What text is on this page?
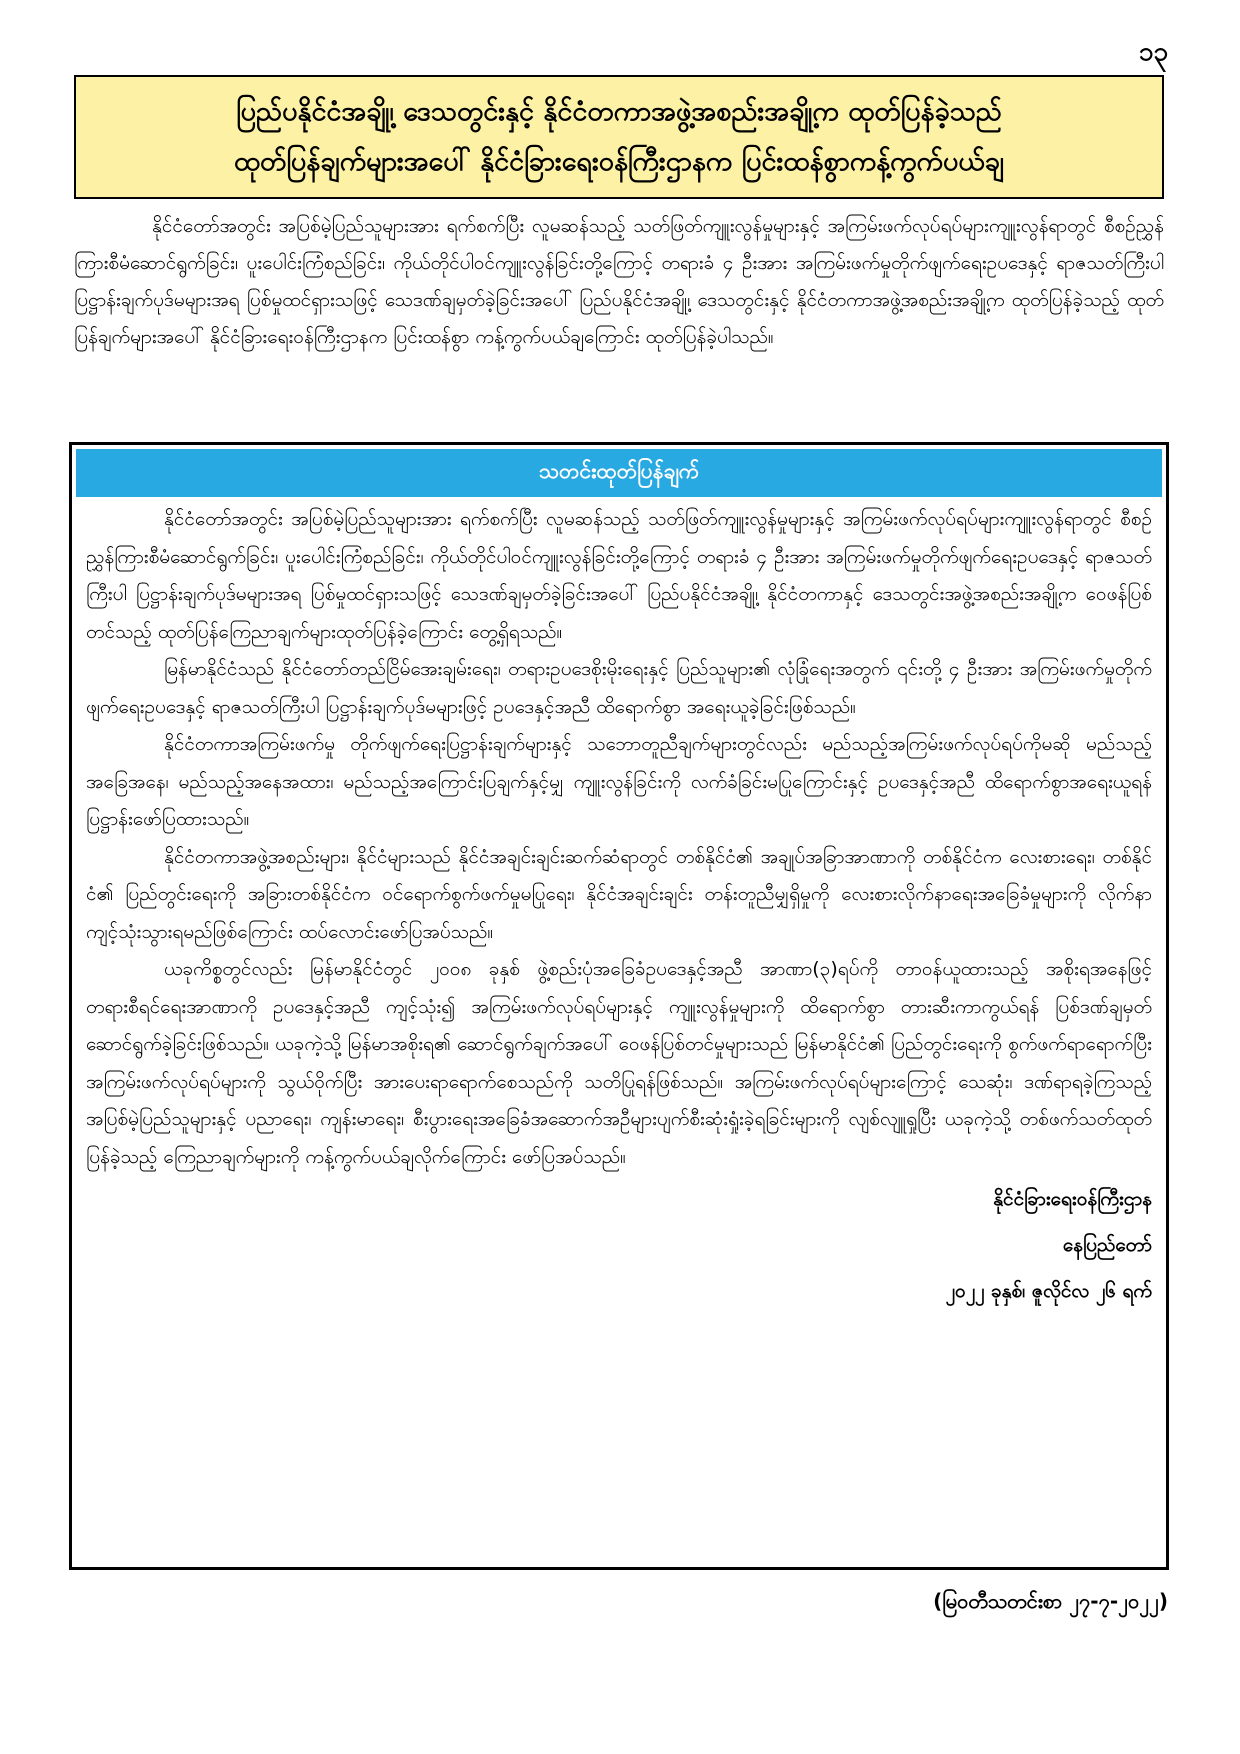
၁၃
ပြည်ပနိုင်ငံအချို့၊ ဒေသတွင်းနှင့် နိုင်ငံတကာအဖွဲ့အစည်းအချို့က ထုတ်ပြန်ခဲ့သည်
ထုတ်ပြန်ချက်များအပေါ် နိုင်ငံခြားရေးဝန်ကြီးဌာနက ပြင်းထန်စွာကန့်ကွက်ပယ်ချ

နိုင်ငံတော်အတွင်း အပြစ်မဲ့ပြည်သူများအား ရက်စက်ပြီး လူမဆန်သည့် သတ်ဖြတ်ကျူးလွန်မှုများနှင့် အကြမ်းဖက်လုပ်ရပ်များကျူးလွန်ရာတွင် စီစဉ်ညွှန်ကြားစီမံဆောင်ရွက်ခြင်း၊ ပူးပေါင်းကြံစည်ခြင်း၊ ကိုယ်တိုင်ပါဝင်ကျူးလွန်ခြင်းတို့ကြောင့် တရားခံ ၄ ဦးအား အကြမ်းဖက်မှုတိုက်ဖျက်ရေးဥပဒေနှင့် ရာဇသတ်ကြီးပါ ပြဋ္ဌာန်းချက်ပုဒ်မများအရ ပြစ်မှုထင်ရှားသဖြင့် သေဒဏ်ချမှတ်ခဲ့ခြင်းအပေါ် ပြည်ပနိုင်ငံအချို့၊ ဒေသတွင်းနှင့် နိုင်ငံတကာအဖွဲ့အစည်းအချို့က ထုတ်ပြန်ခဲ့သည့် ထုတ်ပြန်ချက်များအပေါ် နိုင်ငံခြားရေးဝန်ကြီးဌာနက ပြင်းထန်စွာ ကန့်ကွက်ပယ်ချကြောင်း ထုတ်ပြန်ခဲ့ပါသည်။

သတင်းထုတ်ပြန်ချက်

နိုင်ငံတော်အတွင်း အပြစ်မဲ့ပြည်သူများအား ရက်စက်ပြီး လူမဆန်သည့် သတ်ဖြတ်ကျူးလွန်မှုများနှင့် အကြမ်းဖက်လုပ်ရပ်များကျူးလွန်ရာတွင် စီစဉ်ညွှန်ကြားစီမံဆောင်ရွက်ခြင်း၊ ပူးပေါင်းကြံစည်ခြင်း၊ ကိုယ်တိုင်ပါဝင်ကျူးလွန်ခြင်းတို့ကြောင့် တရားခံ ၄ ဦးအား အကြမ်းဖက်မှုတိုက်ဖျက်ရေးဥပဒေနှင့် ရာဇသတ်ကြီးပါ ပြဋ္ဌာန်းချက်ပုဒ်မများအရ ပြစ်မှုထင်ရှားသဖြင့် သေဒဏ်ချမှတ်ခဲ့ခြင်းအပေါ် ပြည်ပနိုင်ငံအချို့၊ နိုင်ငံတကာနှင့် ဒေသတွင်းအဖွဲ့အစည်းအချို့က ဝေဖန်ပြစ်တင်သည့် ထုတ်ပြန်ကြေညာချက်များထုတ်ပြန်ခဲ့ကြောင်း တွေ့ရှိရသည်။

မြန်မာနိုင်ငံသည် နိုင်ငံတော်တည်ငြိမ်အေးချမ်းရေး၊ တရားဥပဒေစိုးမိုးရေးနှင့် ပြည်သူများ၏ လုံခြုံရေးအတွက် ၎င်းတို့ ၄ ဦးအား အကြမ်းဖက်မှုတိုက်ဖျက်ရေးဥပဒေနှင့် ရာဇသတ်ကြီးပါ ပြဋ္ဌာန်းချက်ပုဒ်မများဖြင့် ဥပဒေနှင့်အညီ ထိရောက်စွာ အရေးယူခဲ့ခြင်းဖြစ်သည်။

နိုင်ငံတကာအကြမ်းဖက်မှု တိုက်ဖျက်ရေးပြဋ္ဌာန်းချက်များနှင့် သဘောတူညီချက်များတွင်လည်း မည်သည့်အကြမ်းဖက်လုပ်ရပ်ကိုမဆို မည်သည့်အခြေအနေ၊ မည်သည့်အနေအထား၊ မည်သည့်အကြောင်းပြချက်နှင့်မျှ ကျူးလွန်ခြင်းကို လက်ခံခြင်းမပြုကြောင်းနှင့် ဥပဒေနှင့်အညီ ထိရောက်စွာအရေးယူရန် ပြဋ္ဌာန်းဖော်ပြထားသည်။

နိုင်ငံတကာအဖွဲ့အစည်းများ၊ နိုင်ငံများသည် နိုင်ငံအချင်းချင်းဆက်ဆံရာတွင် တစ်နိုင်ငံ၏ အချုပ်အခြာအာဏာကို တစ်နိုင်ငံက လေးစားရေး၊ တစ်နိုင်ငံ၏ ပြည်တွင်းရေးကို အခြားတစ်နိုင်ငံက ဝင်ရောက်စွက်ဖက်မှုမပြုရေး၊ နိုင်ငံအချင်းချင်း တန်းတူညီမျှရှိမှုကို လေးစားလိုက်နာရေးအခြေခံမှုများကို လိုက်နာကျင့်သုံးသွားရမည်ဖြစ်ကြောင်း ထပ်လောင်းဖော်ပြအပ်သည်။

ယခုကိစ္စတွင်လည်း မြန်မာနိုင်ငံတွင် ၂၀၀၈ ခုနှစ် ဖွဲ့စည်းပုံအခြေခံဥပဒေနှင့်အညီ အာဏာ(၃)ရပ်ကို တာဝန်ယူထားသည့် အစိုးရအနေဖြင့် တရားစီရင်ရေးအာဏာကို ဥပဒေနှင့်အညီ ကျင့်သုံး၍ အကြမ်းဖက်လုပ်ရပ်များနှင့် ကျူးလွန်မှုများကို ထိရောက်စွာ တားဆီးကာကွယ်ရန် ပြစ်ဒဏ်ချမှတ်ဆောင်ရွက်ခဲ့ခြင်းဖြစ်သည်။ ယခုကဲ့သို့ မြန်မာအစိုးရ၏ ဆောင်ရွက်ချက်အပေါ် ဝေဖန်ပြစ်တင်မှုများသည် မြန်မာနိုင်ငံ၏ ပြည်တွင်းရေးကို စွက်ဖက်ရာရောက်ပြီး အကြမ်းဖက်လုပ်ရပ်များကို သွယ်ဝိုက်ပြီး အားပေးရာရောက်စေသည်ကို သတိပြုရန်ဖြစ်သည်။ အကြမ်းဖက်လုပ်ရပ်များကြောင့် သေဆုံး၊ ဒဏ်ရာရခဲ့ကြသည့် အပြစ်မဲ့ပြည်သူများနှင့် ပညာရေး၊ ကျန်းမာရေး၊ စီးပွားရေးအခြေခံအဆောက်အဦများပျက်စီးဆုံးရှုံးခဲ့ရခြင်းများကို လျစ်လျူရှုပြီး ယခုကဲ့သို့ တစ်ဖက်သတ်ထုတ်ပြန်ခဲ့သည့် ကြေညာချက်များကို ကန့်ကွက်ပယ်ချလိုက်ကြောင်း ဖော်ပြအပ်သည်။

နိုင်ငံခြားရေးဝန်ကြီးဌာန
နေပြည်တော်
၂၀၂၂ ခုနှစ်၊ ဇူလိုင်လ ၂၆ ရက်
(မြဝတီသတင်းစာ ၂၇-၇-၂၀၂၂)
